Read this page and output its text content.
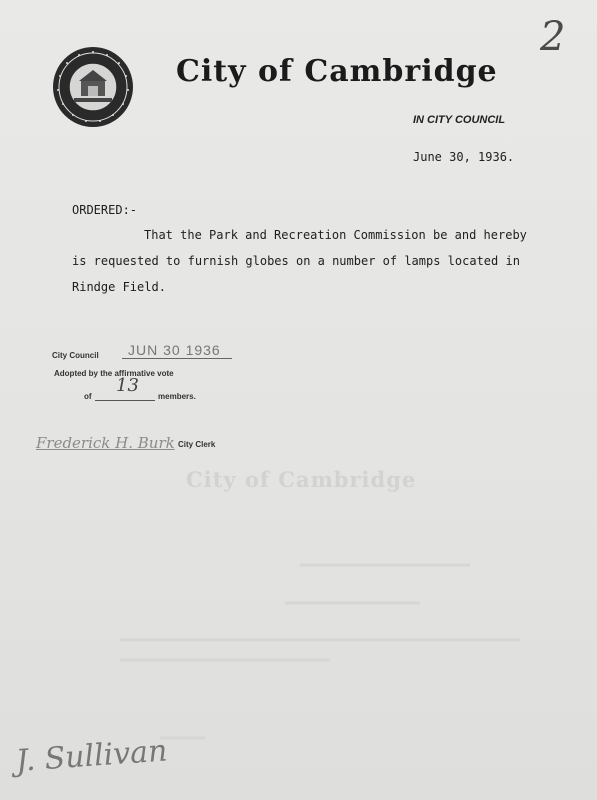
2
City of Cambridge
IN CITY COUNCIL
June 30, 1936.
ORDERED:-
That the Park and Recreation Commission be and hereby
is requested to furnish globes on a number of lamps located in
Rindge Field.
City Council JUN 30 1936
Adopted by the affirmative vote
of	members.
13
Frederick H. Burk City Clerk
City of Cambridge
J. Sullivan
